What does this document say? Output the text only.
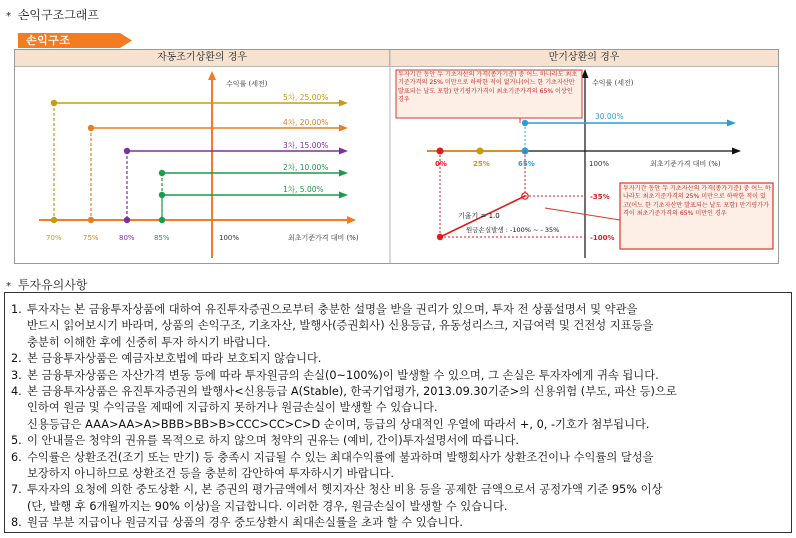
* 손익구조그래프
손익구조
자동조기상환의 경우	만기상환의 경우
수익률 (세전)
최초기준가격 대비 (%)
100%
5차, 25.00%
70%
4차, 20.00%
75%
3차, 15.00%
80%
2차, 10.00%
1차, 5.00%
85%
수익률 (세전)
최초기준가격 대비 (%)
0%	25%	65%	100%
30.00%
-35%
-100%
기울기 = 1.0
원금손실발생 : -100% ~ - 35%
투자기간 동안 두 기초자산의 가격(종가기준) 중 어느 하나라도 최초기준가격의 25% 미만으로 하락한 적이 없거나(어느 한 기초자산만 발표되는 날도 포함) 만기평가가격이 최초기준가격의 65% 이상인 경우
투자기간 동안 두 기초자산의 가격(종가기준) 중 어느 하나라도 최초기준가격의 25% 미만으로 하락한 적이 있고(어느 한 기초자산만 발표되는 날도 포함) 만기평가가격이 최초기준가격의 65% 미만인 경우
* 투자유의사항
1. 투자자는 본 금융투자상품에 대하여 유진투자증권으로부터 충분한 설명을 받을 권리가 있으며, 투자 전 상품설명서 및 약관을
반드시 읽어보시기 바라며, 상품의 손익구조, 기초자산, 발행사(증권회사) 신용등급, 유동성리스크, 지급여력 및 건전성 지표등을
충분히 이해한 후에 신중히 투자 하시기 바랍니다.
2. 본 금융투자상품은 예금자보호법에 따라 보호되지 않습니다.
3. 본 금융투자상품은 자산가격 변동 등에 따라 투자원금의 손실(0~100%)이 발생할 수 있으며, 그 손실은 투자자에게 귀속 됩니다.
4. 본 금융투자상품은 유진투자증권의 발행사<신용등급 A(Stable), 한국기업평가, 2013.09.30기준>의 신용위험 (부도, 파산 등)으로
인하여 원금 및 수익금을 제때에 지급하지 못하거나 원금손실이 발생할 수 있습니다.
신용등급은 AAA>AA>A>BBB>BB>B>CCC>CC>C>D 순이며, 등급의 상대적인 우열에 따라서 +, 0, -기호가 첨부됩니다.
5. 이 안내물은 청약의 권유를 목적으로 하지 않으며 청약의 권유는 (예비, 간이)투자설명서에 따릅니다.
6. 수익률은 상환조건(조기 또는 만기) 등 충족시 지급될 수 있는 최대수익률에 불과하며 발행회사가 상환조건이나 수익률의 달성을
보장하지 아니하므로 상환조건 등을 충분히 감안하여 투자하시기 바랍니다.
7. 투자자의 요청에 의한 중도상환 시, 본 증권의 평가금액에서 헷지자산 청산 비용 등을 공제한 금액으로서 공정가액 기준 95% 이상
(단, 발행 후 6개월까지는 90% 이상)을 지급합니다. 이러한 경우, 원금손실이 발생할 수 있습니다.
8. 원금 부분 지급이나 원금지급 상품의 경우 중도상환시 최대손실률을 초과 할 수 있습니다.
